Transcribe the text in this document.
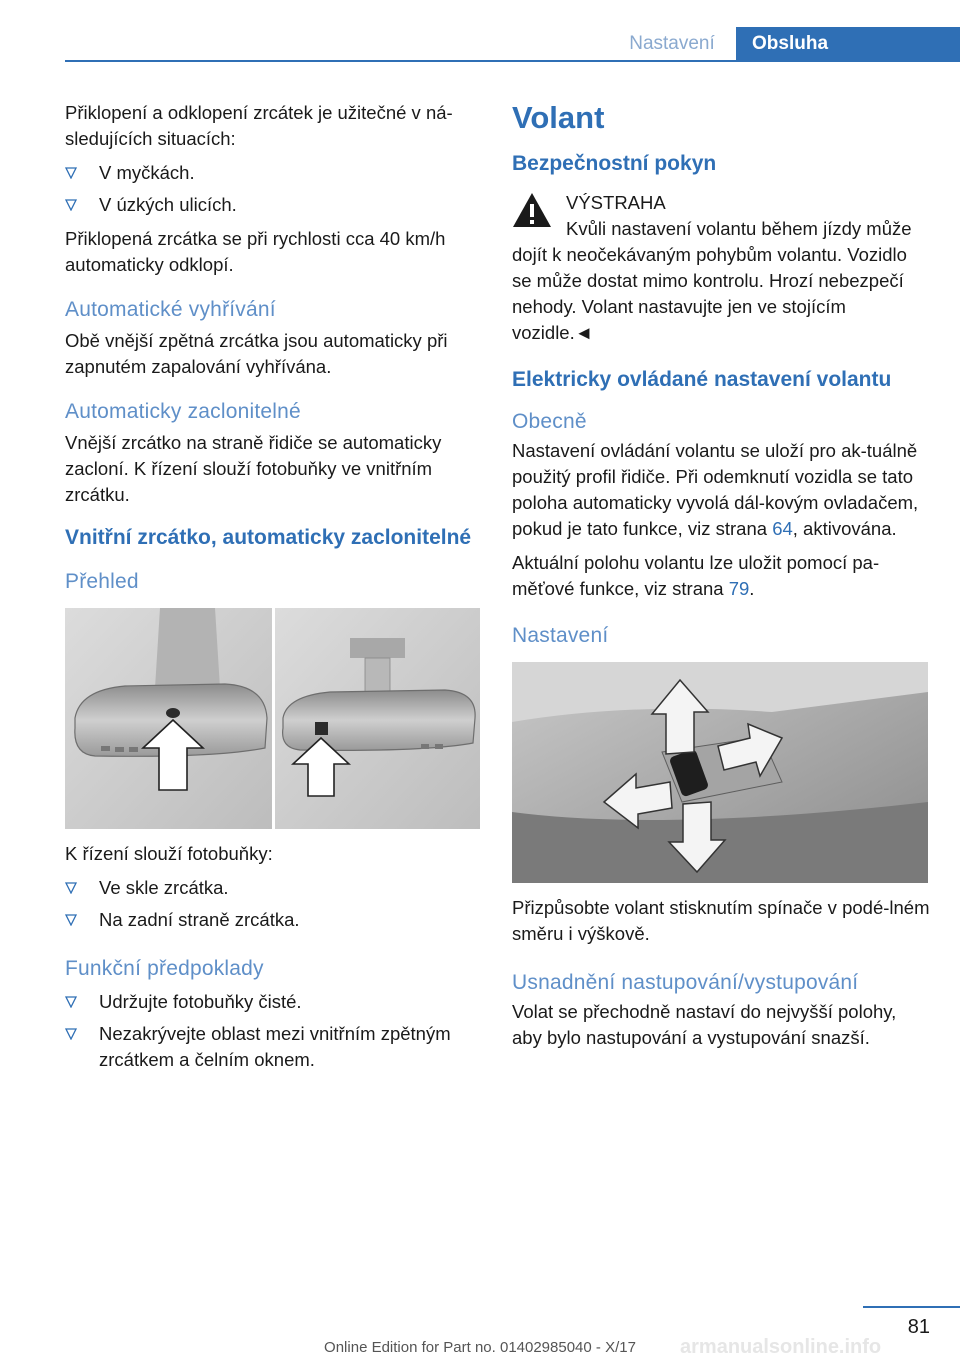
Nastavení	Obsluha

Přiklopení a odklopení zrcátek je užitečné v ná‐sledujících situacích:

V myčkách.
V úzkých ulicích.

Přiklopená zrcátka se při rychlosti cca 40 km/h automaticky odklopí.

Automatické vyhřívání

Obě vnější zpětná zrcátka jsou automaticky při zapnutém zapalování vyhřívána.

Automaticky zaclonitelné

Vnější zrcátko na straně řidiče se automaticky zacloní. K řízení slouží fotobuňky ve vnitřním zrcátku.

Vnitřní zrcátko, automaticky zaclonitelné
Přehled

K řízení slouží fotobuňky:

Ve skle zrcátka.
Na zadní straně zrcátka.
Funkční předpoklady
Udržujte fotobuňky čisté.
Nezakrývejte oblast mezi vnitřním zpětným zrcátkem a čelním oknem.
Volant
Bezpečnostní pokyn

VÝSTRAHA

Kvůli nastavení volantu během jízdy může dojít k neočekávaným pohybům volantu. Vozidlo se může dostat mimo kontrolu. Hrozí nebezpečí nehody. Volant nastavujte jen ve stojícím vozidle.◄

Elektricky ovládané nastavení volantu
Obecně

Nastavení ovládání volantu se uloží pro ak‐tuálně použitý profil řidiče. Při odemknutí vozidla se tato poloha automaticky vyvolá dál‐kovým ovladačem, pokud je tato funkce, viz strana 64, aktivována.

Aktuální polohu volantu lze uložit pomocí pa‐měťové funkce, viz strana 79.

Nastavení

Přizpůsobte volant stisknutím spínače v podé‐lném směru i výškově.

Usnadnění nastupování/vystupování

Volat se přechodně nastaví do nejvyšší polohy, aby bylo nastupování a vystupování snazší.

81
armanualsonline.info
Online Edition for Part no. 01402985040 - X/17
